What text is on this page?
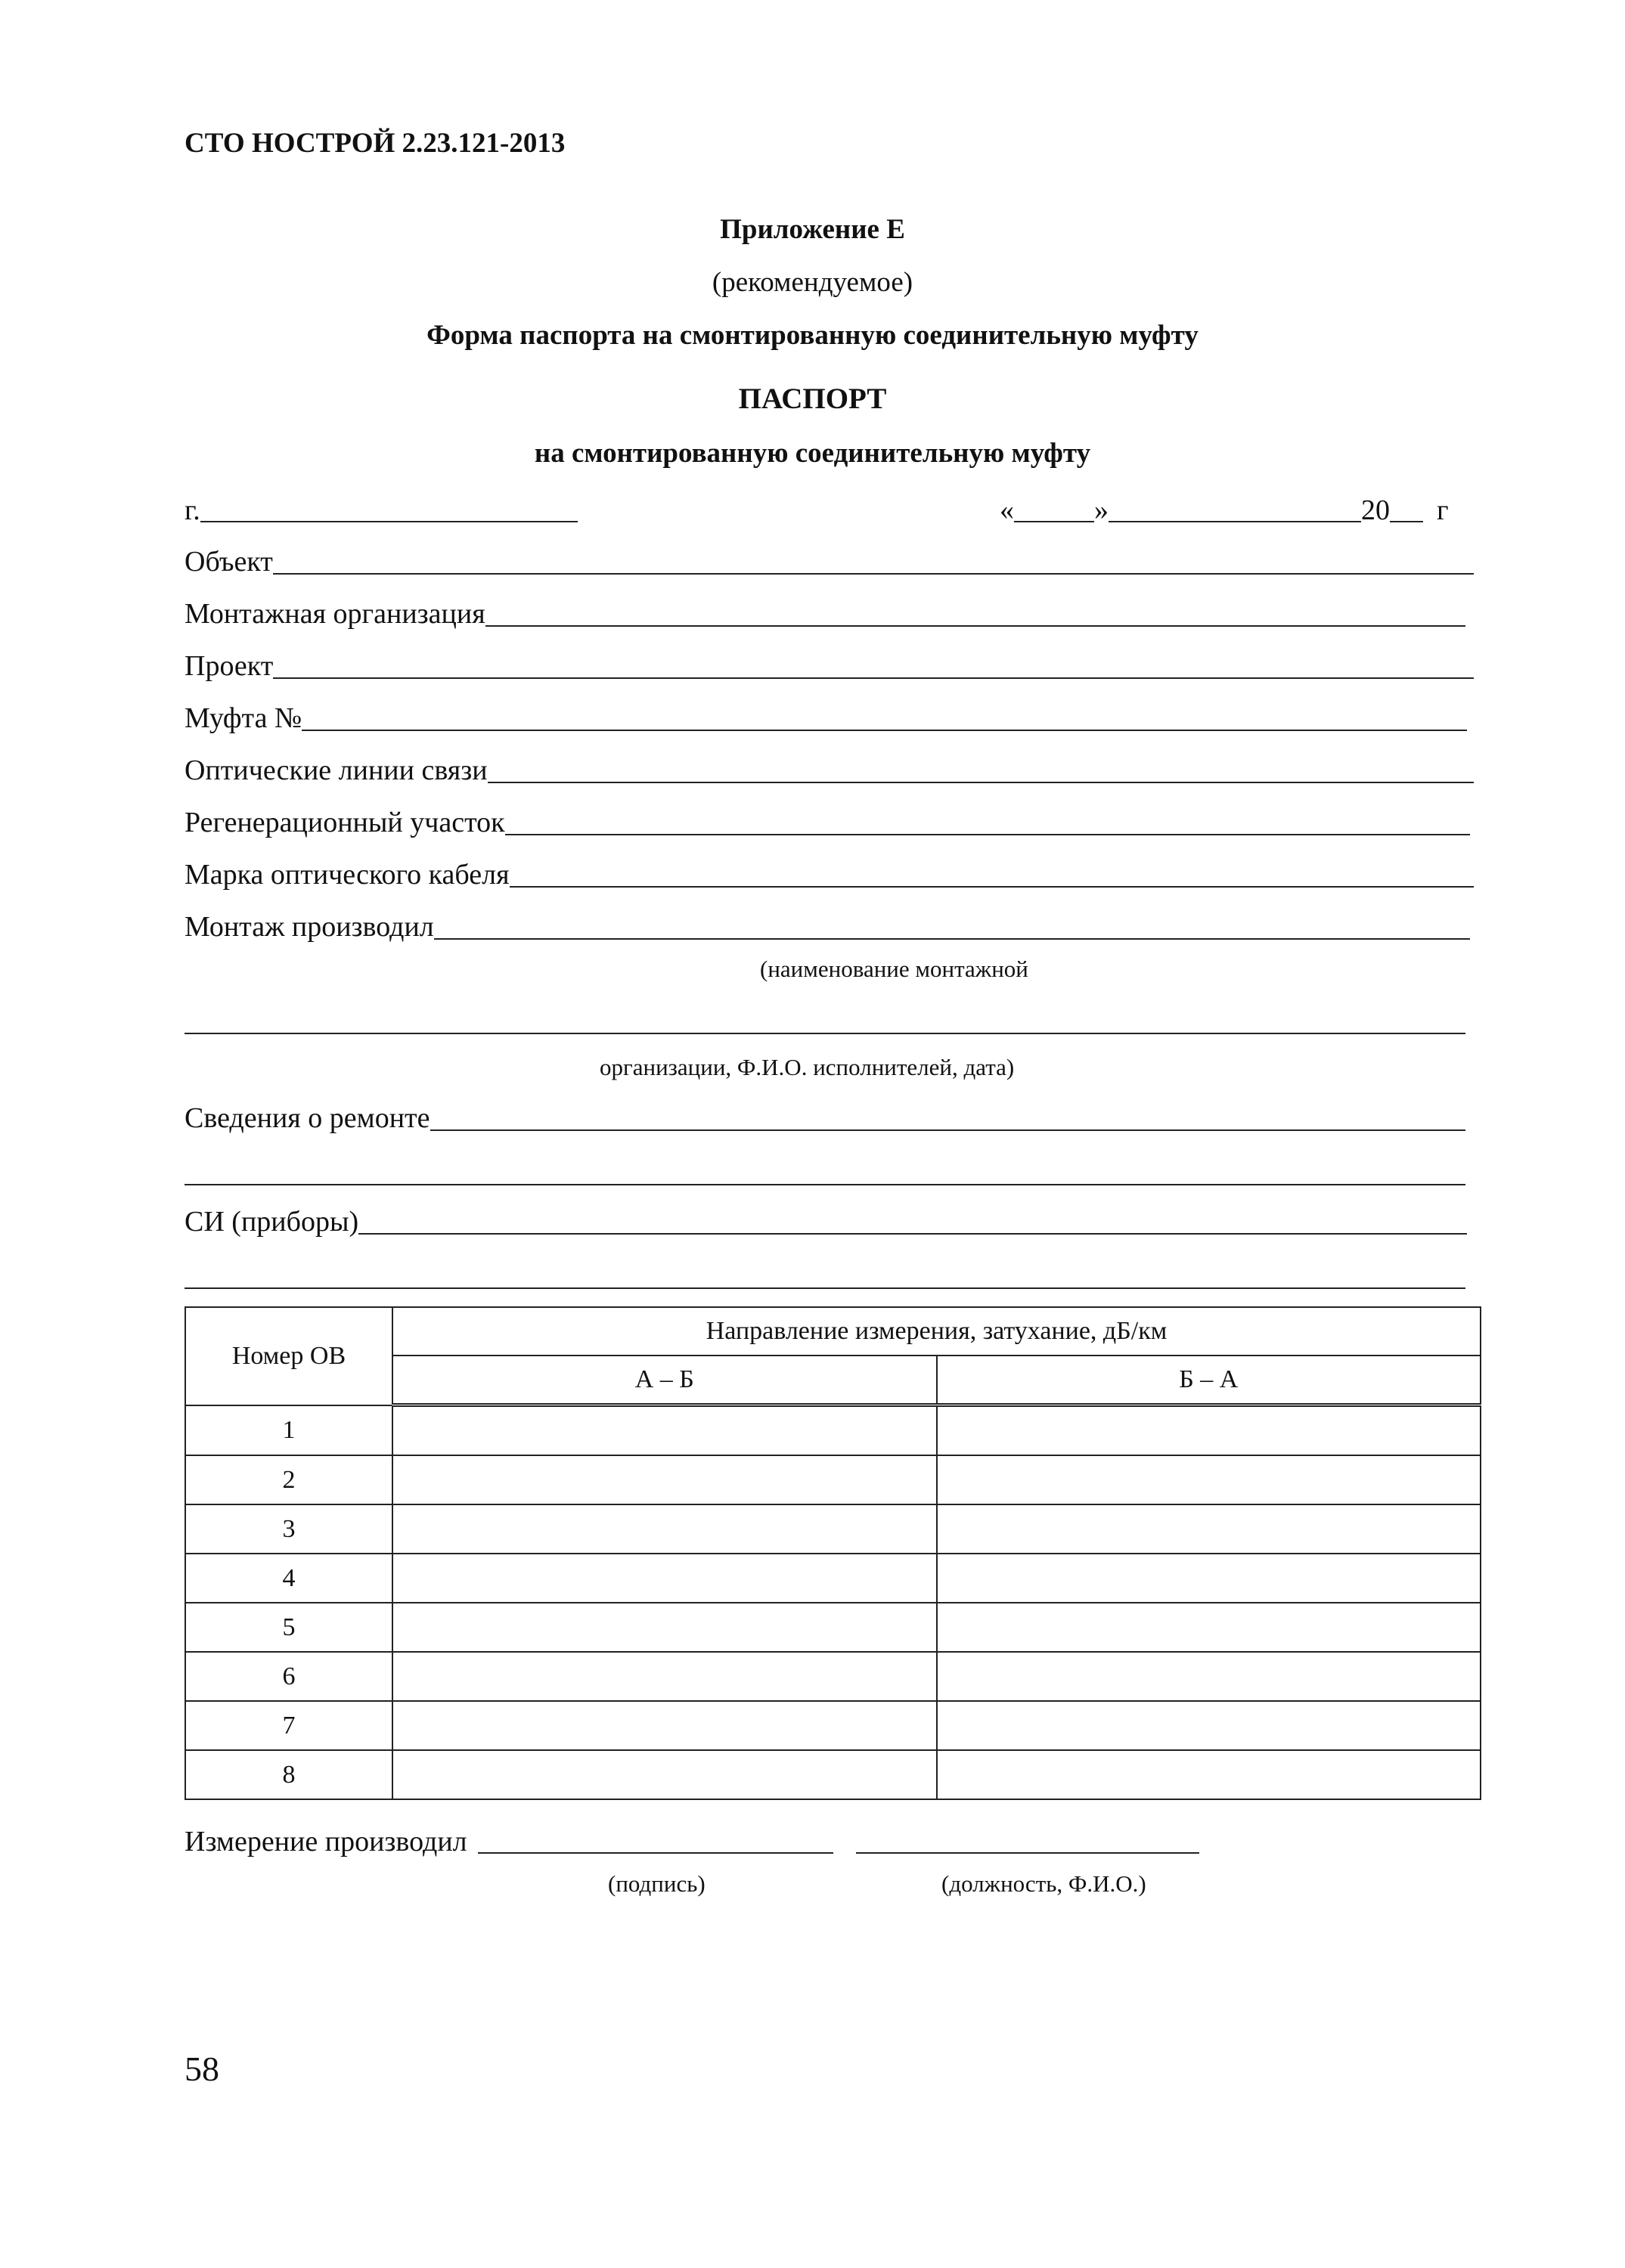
СТО НОСТРОЙ 2.23.121-2013
Приложение Е
(рекомендуемое)
Форма паспорта на смонтированную соединительную муфту
ПАСПОРТ
на смонтированную соединительную муфту
г.	«	»	20 г
Объект
Монтажная организация
Проект
Муфта №
Оптические линии связи
Регенерационный участок
Марка оптического кабеля
Монтаж производил
(наименование монтажной
организации, Ф.И.О. исполнителей, дата)
Сведения о ремонте
СИ (приборы)
Номер ОВ	Направление измерения, затухание, дБ/км	
	А – Б	Б – А
1		
2		
3		
4		
5		
6		
7		
8		
Измерение производил
(подпись)	(должность, Ф.И.О.)
58
